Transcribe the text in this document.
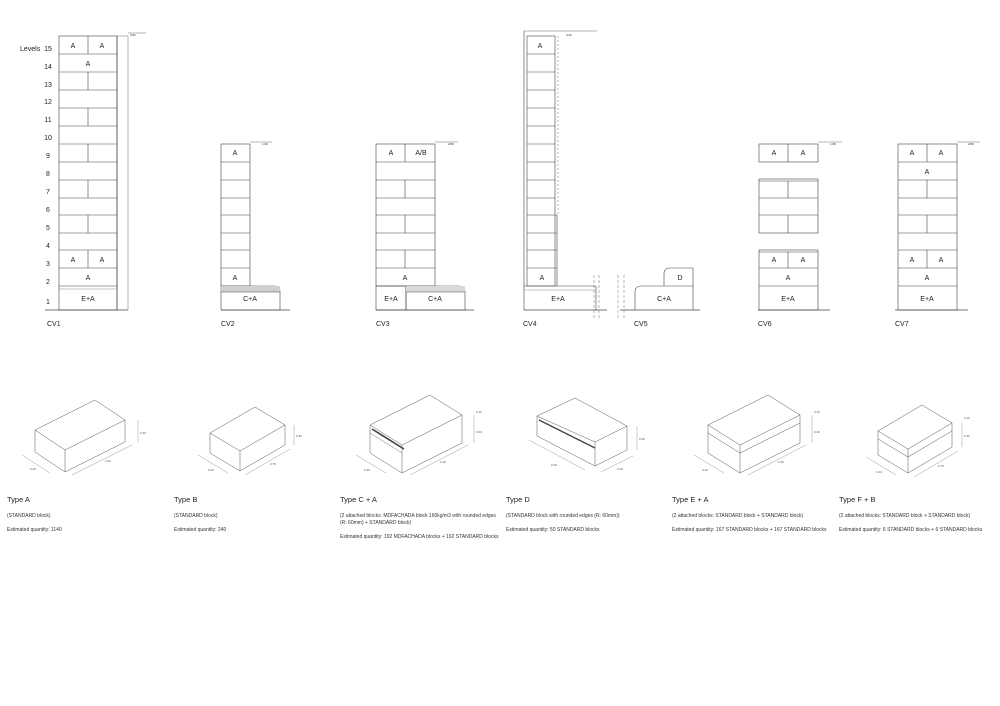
Levels
1
2
3
4
5
6
7
8
9
10
11
12
13
14
15
0.91
1.00	2.80
3.41
1.80	2.80
E+A
A
A	A
A
A	A
C+A
A
A
E+A	C+A
A
A	A/B
E+A
A
A
C+A
D
E+A
A
A	A
A	A
E+A
A
A	A
A
A	A
CV1	CV2	CV3	CV4	CV5	CV6	CV7
0.40
1.00
0.30
0.40
0.75
0.30
0.40
1.00
0.30
0.10
0.40
1.00
0.30
0.40
1.00
0.30
0.10
0.40
0.75
0.30
0.10
Type A

(STANDARD block)

Estimated quantity: 1140

Type B

(STANDARD block)

Estimated quantity: 240

Type C + A

(2 attached blocks: MDFACHADA block 160kg/m3 with rounded edges (R: 60mm) + STANDARD block)

Estimated quantity: 192 MDFACHADA blocks + 192 STANDARD blocks

Type D

(STANDARD block with rounded edges (R: 60mm))

Estimated quantity: 50 STANDARD blocks

Type E + A

(2 attached blocks: STANDARD block + STANDARD block)

Estimated quantity: 167 STANDARD blocks + 167 STANDARD blocks

Type F + B

(2 attached blocks: STANDARD block + STANDARD block)

Estimated quantity: 6 STANDARD blocks + 6 STANDARD blocks
